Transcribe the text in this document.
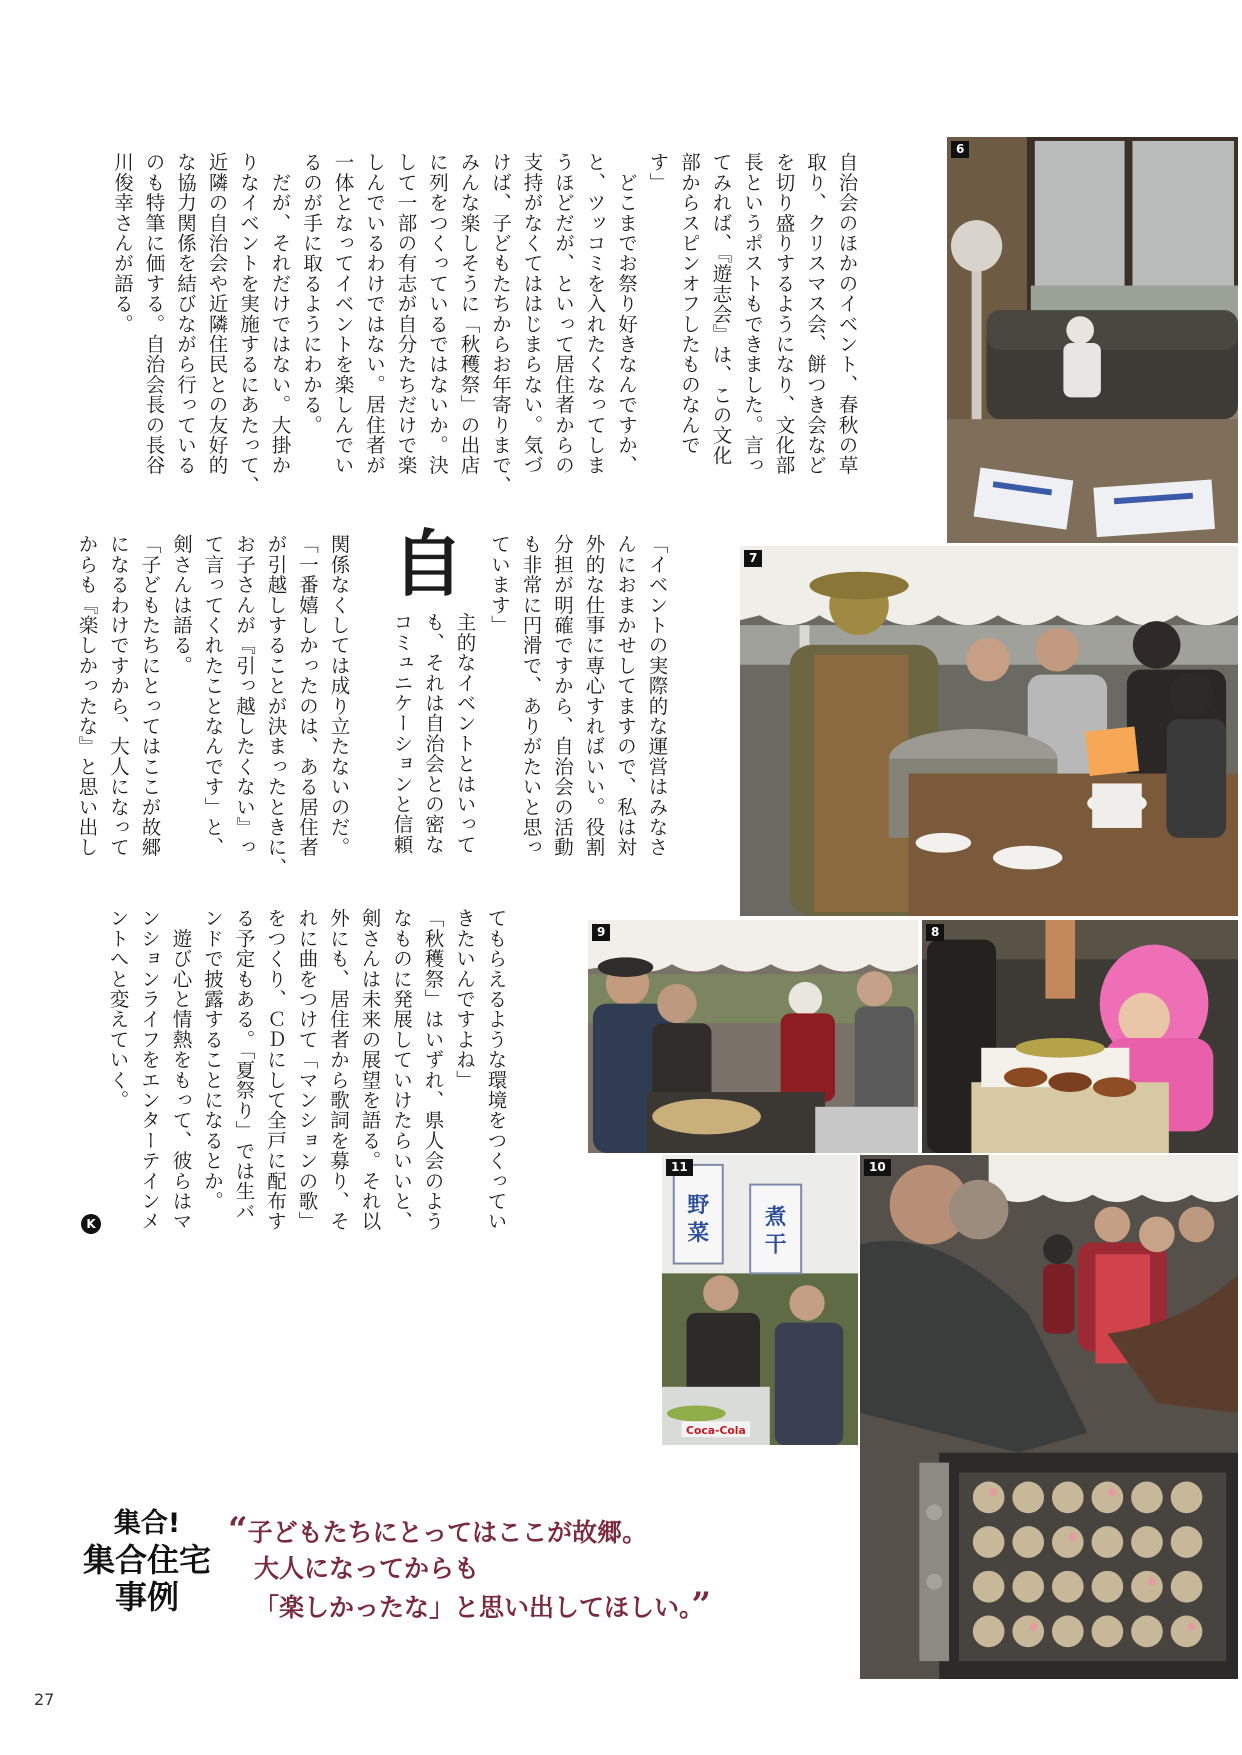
自治会のほかのイベント、春秋の草
取り、クリスマス会、餅つき会など
を切り盛りするようになり、文化部
長というポストもできました。言っ
てみれば、『遊志会』は、この文化
部からスピンオフしたものなんで
す」
　どこまでお祭り好きなんですか、
と、ツッコミを入れたくなってしま
うほどだが、といって居住者からの
支持がなくてははじまらない。気づ
けば、子どもたちからお年寄りまで、
みんな楽しそうに「秋穫祭」の出店
に列をつくっているではないか。決
して一部の有志が自分たちだけで楽
しんでいるわけではない。居住者が
一体となってイベントを楽しんでい
るのが手に取るようにわかる。
　だが、それだけではない。大掛か
りなイベントを実施するにあたって、
近隣の自治会や近隣住民との友好的
な協力関係を結びながら行っている
のも特筆に価する。自治会長の長谷
川俊幸さんが語る。
「イベントの実際的な運営はみなさ
んにおまかせしてますので、私は対
外的な仕事に専心すればいい。役割
分担が明確ですから、自治会の活動
も非常に円滑で、ありがたいと思っ
ています」
自
主的なイベントとはいって
も、それは自治会との密な
コミュニケーションと信頼
関係なくしては成り立たないのだ。
「一番嬉しかったのは、ある居住者
が引越しすることが決まったときに、
お子さんが『引っ越したくない』っ
て言ってくれたことなんです」と、
剣さんは語る。
「子どもたちにとってはここが故郷
になるわけですから、大人になって
からも『楽しかったな』と思い出し
てもらえるような環境をつくってい
きたいんですよね」
「秋穫祭」はいずれ、県人会のよう
なものに発展していけたらいいと、
剣さんは未来の展望を語る。それ以
外にも、居住者から歌詞を募り、そ
れに曲をつけて「マンションの歌」
をつくり、ＣＤにして全戸に配布す
る予定もある。「夏祭り」では生バ
ンドで披露することになるとか。
　遊び心と情熱をもって、彼らはマ
ンションライフをエンターテインメ
ントへと変えていく。
K
6
7
9	8
11
野菜
煮干
Coca-Cola
10
集合!
集合住宅
事例
“子どもたちにとってはここが故郷。
大人になってからも
「楽しかったな」と思い出してほしい。”
27
